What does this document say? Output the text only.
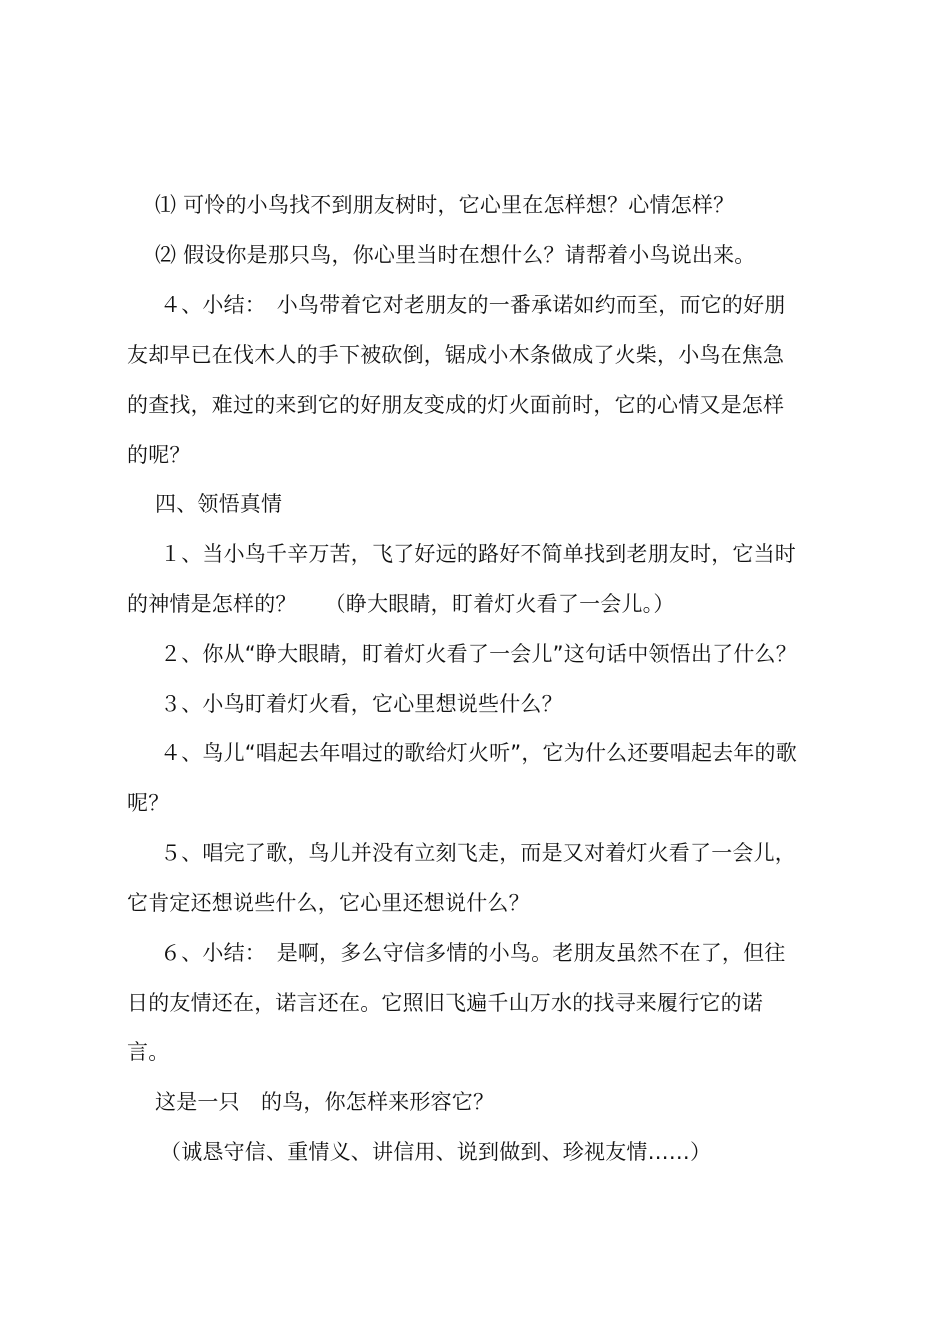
⑴ 可怜的小鸟找不到朋友树时，它心里在怎样想？心情怎样？
⑵ 假设你是那只鸟，你心里当时在想什么？请帮着小鸟说出来。
４、小结：　小鸟带着它对老朋友的一番承诺如约而至，而它的好朋
友却早已在伐木人的手下被砍倒，锯成小木条做成了火柴，小鸟在焦急
的查找，难过的来到它的好朋友变成的灯火面前时，它的心情又是怎样
的呢？
四、领悟真情
１、当小鸟千辛万苦，飞了好远的路好不简单找到老朋友时，它当时
的神情是怎样的？　 （睁大眼睛，盯着灯火看了一会儿。）
２、你从“睁大眼睛，盯着灯火看了一会儿”这句话中领悟出了什么？
３、小鸟盯着灯火看，它心里想说些什么？
４、鸟儿“唱起去年唱过的歌给灯火听”，它为什么还要唱起去年的歌
呢？
５、唱完了歌，鸟儿并没有立刻飞走，而是又对着灯火看了一会儿，
它肯定还想说些什么，它心里还想说什么？
６、小结：　是啊，多么守信多情的小鸟。老朋友虽然不在了，但往
日的友情还在，诺言还在。它照旧飞遍千山万水的找寻来履行它的诺
言。
这是一只　的鸟，你怎样来形容它？
（诚恳守信、重情义、讲信用、说到做到、珍视友情……）
